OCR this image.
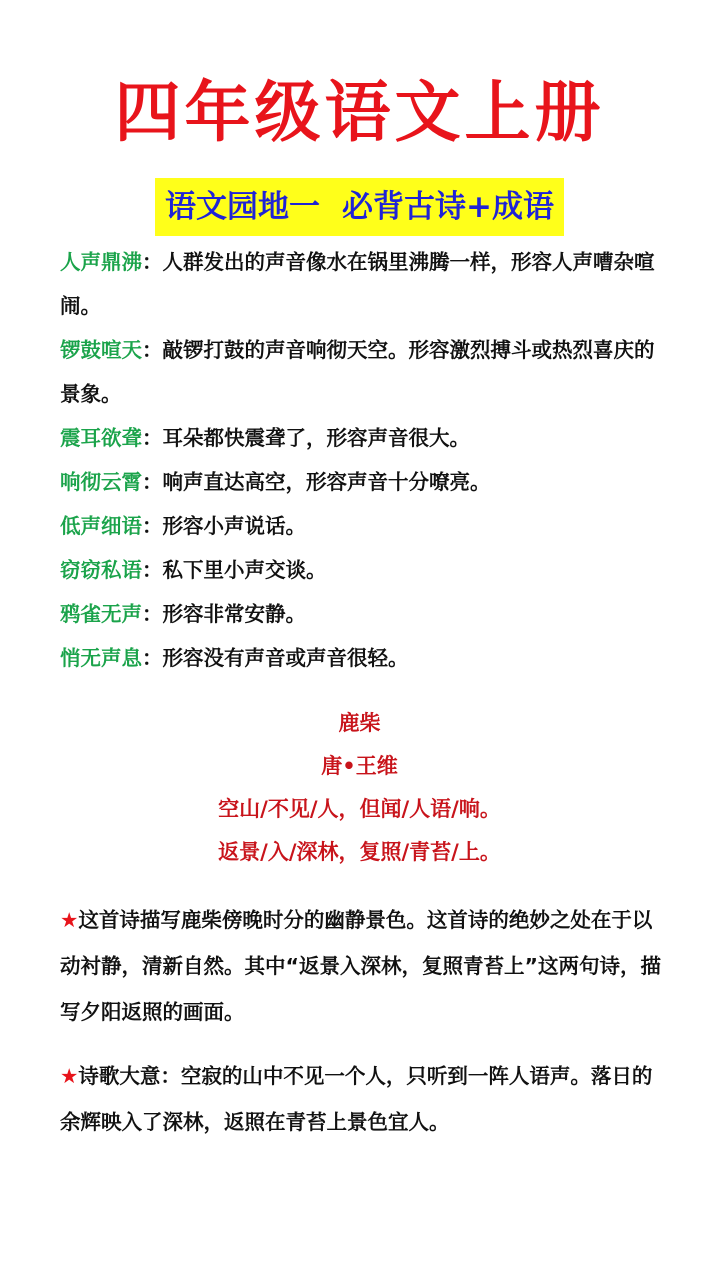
四年级语文上册
语文园地一 必背古诗+成语

人声鼎沸：人群发出的声音像水在锅里沸腾一样，形容人声嘈杂喧闹。

锣鼓喧天：敲锣打鼓的声音响彻天空。形容激烈搏斗或热烈喜庆的景象。

震耳欲聋：耳朵都快震聋了，形容声音很大。

响彻云霄：响声直达高空，形容声音十分嘹亮。

低声细语：形容小声说话。

窃窃私语：私下里小声交谈。

鸦雀无声：形容非常安静。

悄无声息：形容没有声音或声音很轻。

鹿柴
唐•王维
空山/不见/人，但闻/人语/响。
返景/入/深林，复照/青苔/上。

★这首诗描写鹿柴傍晚时分的幽静景色。这首诗的绝妙之处在于以动衬静，清新自然。其中“返景入深林，复照青苔上”这两句诗，描写夕阳返照的画面。

★诗歌大意：空寂的山中不见一个人，只听到一阵人语声。落日的余辉映入了深林，返照在青苔上景色宜人。
